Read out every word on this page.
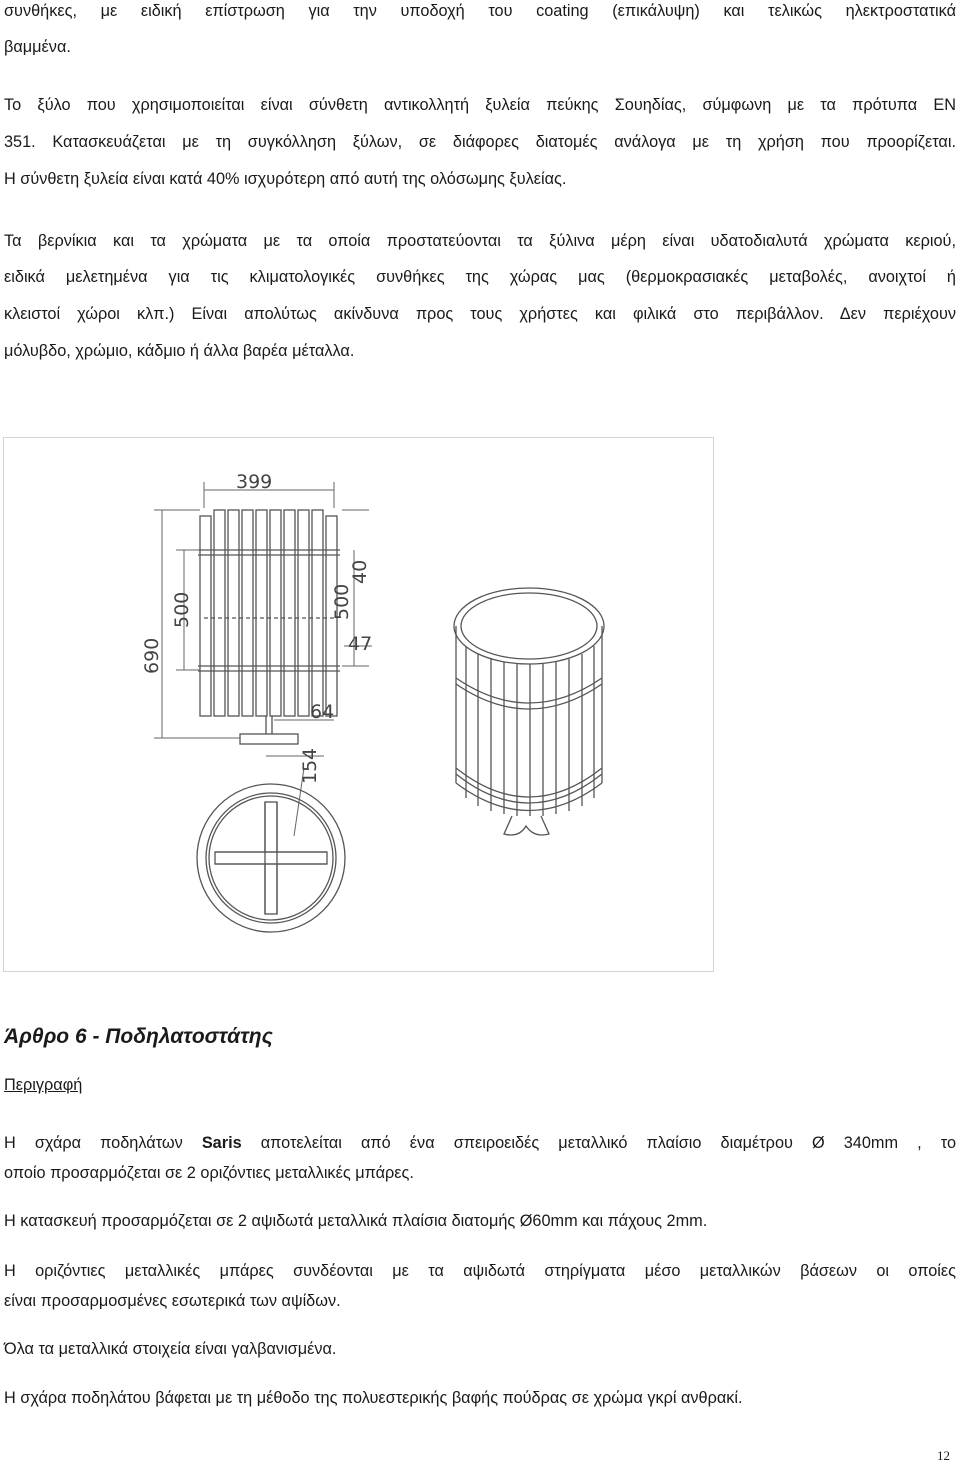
συνθήκες, με ειδική επίστρωση για την υποδοχή του coating (επικάλυψη) και τελικώς ηλεκτροστατικά

βαμμένα.

Το ξύλο που χρησιμοποιείται είναι σύνθετη αντικολλητή ξυλεία πεύκης Σουηδίας, σύμφωνη με τα πρότυπα EN

351. Κατασκευάζεται με τη συγκόλληση ξύλων, σε διάφορες διατομές ανάλογα με τη χρήση που προορίζεται.

Η σύνθετη ξυλεία είναι κατά 40% ισχυρότερη από αυτή της ολόσωμης ξυλείας.

Τα βερνίκια και τα χρώματα με τα οποία προστατεύονται τα ξύλινα μέρη είναι υδατοδιαλυτά χρώματα κεριού,

ειδικά μελετημένα για τις κλιματολογικές συνθήκες της χώρας μας (θερμοκρασιακές μεταβολές, ανοιχτοί ή

κλειστοί χώροι κλπ.) Είναι απολύτως ακίνδυνα προς τους χρήστες και φιλικά στο περιβάλλον. Δεν περιέχουν

μόλυβδο, χρώμιο, κάδμιο ή άλλα βαρέα μέταλλα.

399
690
500	500
40
47
64
15
4
Άρθρο 6 - Ποδηλατοστάτης

Περιγραφή

Η σχάρα ποδηλάτων Saris αποτελείται από ένα σπειροειδές μεταλλικό πλαίσιο διαμέτρου Ø 340mm , το

οποίο προσαρμόζεται σε 2 οριζόντιες μεταλλικές μπάρες.

Η κατασκευή προσαρμόζεται σε 2 αψιδωτά μεταλλικά πλαίσια διατομής Ø60mm και πάχους 2mm.

Η οριζόντιες μεταλλικές μπάρες συνδέονται με τα αψιδωτά στηρίγματα μέσο μεταλλικών βάσεων οι οποίες

είναι προσαρμοσμένες εσωτερικά των αψίδων.

Όλα τα μεταλλικά στοιχεία είναι γαλβανισμένα.

Η σχάρα ποδηλάτου βάφεται με τη μέθοδο της πολυεστερικής βαφής πούδρας σε χρώμα γκρί ανθρακί.

12
